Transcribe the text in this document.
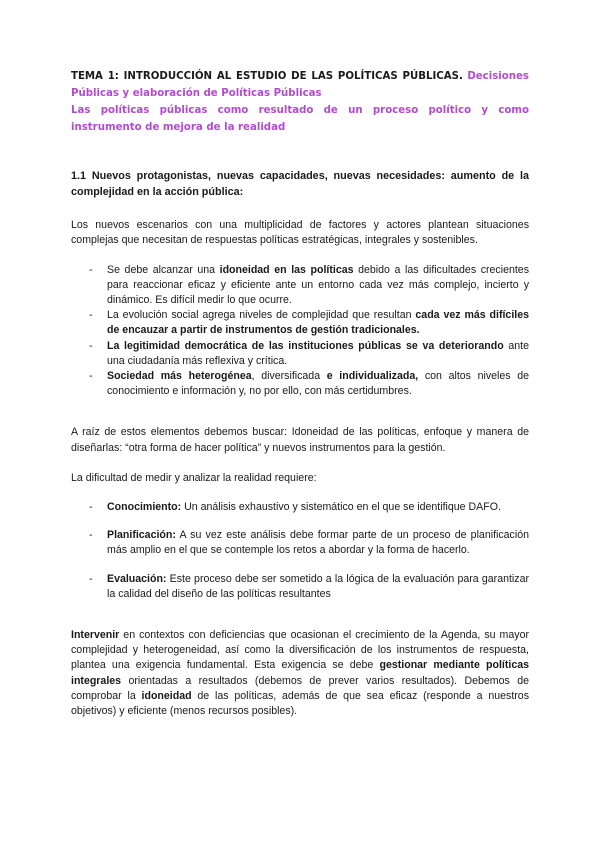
TEMA 1: INTRODUCCIÓN AL ESTUDIO DE LAS POLÍTICAS PÚBLICAS. Decisiones Públicas y elaboración de Políticas Públicas

Las políticas públicas como resultado de un proceso político y como instrumento de mejora de la realidad

1.1 Nuevos protagonistas, nuevas capacidades, nuevas necesidades: aumento de la complejidad en la acción pública:

Los nuevos escenarios con una multiplicidad de factores y actores plantean situaciones complejas que necesitan de respuestas políticas estratégicas, integrales y sostenibles.

- Se debe alcanzar una idoneidad en las políticas debido a las dificultades crecientes para reaccionar eficaz y eficiente ante un entorno cada vez más complejo, incierto y dinámico. Es difícil medir lo que ocurre.
- La evolución social agrega niveles de complejidad que resultan cada vez más difíciles de encauzar a partir de instrumentos de gestión tradicionales.
- La legitimidad democrática de las instituciones públicas se va deteriorando ante una ciudadanía más reflexiva y crítica.
- Sociedad más heterogénea, diversificada e individualizada, con altos niveles de conocimiento e información y, no por ello, con más certidumbres.

A raíz de estos elementos debemos buscar: Idoneidad de las políticas, enfoque y manera de diseñarlas: “otra forma de hacer política” y nuevos instrumentos para la gestión.

La dificultad de medir y analizar la realidad requiere:

- Conocimiento: Un análisis exhaustivo y sistemático en el que se identifique DAFO.
- Planificación: A su vez este análisis debe formar parte de un proceso de planificación más amplio en el que se contemple los retos a abordar y la forma de hacerlo.
- Evaluación: Este proceso debe ser sometido a la lógica de la evaluación para garantizar la calidad del diseño de las políticas resultantes

Intervenir en contextos con deficiencias que ocasionan el crecimiento de la Agenda, su mayor complejidad y heterogeneidad, así como la diversificación de los instrumentos de respuesta, plantea una exigencia fundamental. Esta exigencia se debe gestionar mediante políticas integrales orientadas a resultados (debemos de prever varios resultados). Debemos de comprobar la idoneidad de las políticas, además de que sea eficaz (responde a nuestros objetivos) y eficiente (menos recursos posibles).
